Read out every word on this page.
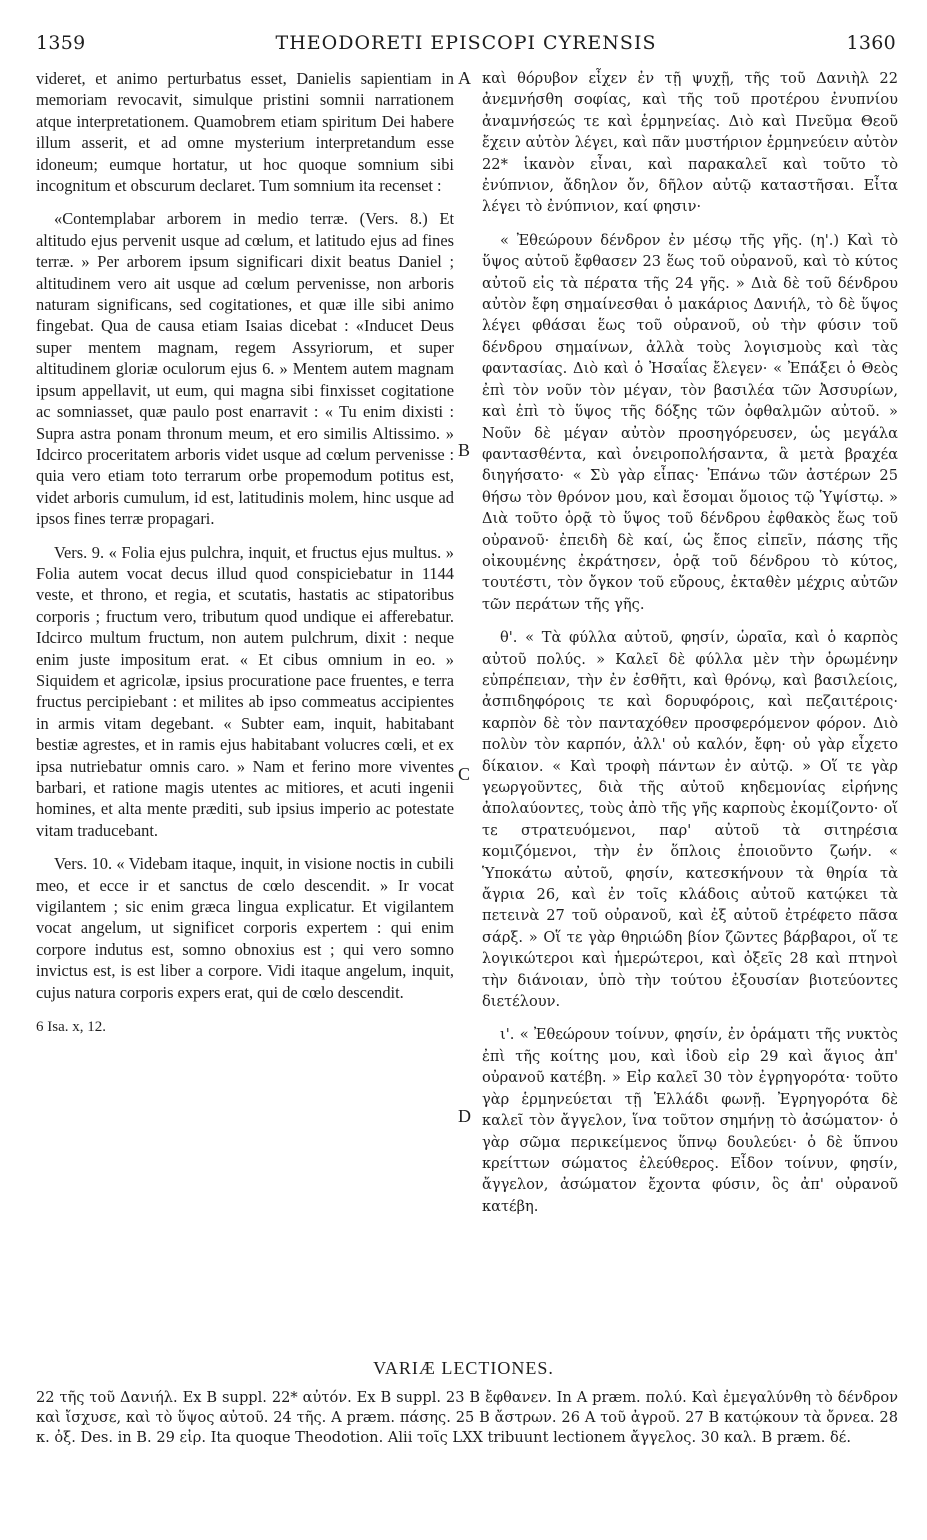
1359	THEODORETI EPISCOPI CYRENSIS	1360

videret, et animo perturbatus esset, Danielis sapientiam in memoriam revocavit, simulque pristini somnii narrationem atque interpretationem. Quamobrem etiam spiritum Dei habere illum asserit, et ad omne mysterium interpretandum esse idoneum; eumque hortatur, ut hoc quoque somnium sibi incognitum et obscurum declaret. Tum somnium ita recenset :

«Contemplabar arborem in medio terræ. (Vers. 8.) Et altitudo ejus pervenit usque ad cœlum, et latitudo ejus ad fines terræ. » Per arborem ipsum significari dixit beatus Daniel ; altitudinem vero ait usque ad cœlum pervenisse, non arboris naturam significans, sed cogitationes, et quæ ille sibi animo fingebat. Qua de causa etiam Isaias dicebat : «Inducet Deus super mentem magnam, regem Assyriorum, et super altitudinem gloriæ oculorum ejus 6. » Mentem autem magnam ipsum appellavit, ut eum, qui magna sibi finxisset cogitatione ac somniasset, quæ paulo post enarravit : « Tu enim dixisti : Supra astra ponam thronum meum, et ero similis Altissimo. » Idcirco proceritatem arboris videt usque ad cœlum pervenisse : quia vero etiam toto terrarum orbe propemodum potitus est, videt arboris cumulum, id est, latitudinis molem, hinc usque ad ipsos fines terræ propagari.

Vers. 9. « Folia ejus pulchra, inquit, et fructus ejus multus. » Folia autem vocat decus illud quod conspiciebatur in 1144 veste, et throno, et regia, et scutatis, hastatis ac stipatoribus corporis ; fructum vero, tributum quod undique ei afferebatur. Idcirco multum fructum, non autem pulchrum, dixit : neque enim juste impositum erat. « Et cibus omnium in eo. » Siquidem et agricolæ, ipsius procuratione pace fruentes, e terra fructus percipiebant : et milites ab ipso commeatus accipientes in armis vitam degebant. « Subter eam, inquit, habitabant bestiæ agrestes, et in ramis ejus habitabant volucres cœli, et ex ipsa nutriebatur omnis caro. » Nam et ferino more viventes barbari, et ratione magis utentes ac mitiores, et acuti ingenii homines, et alta mente præditi, sub ipsius imperio ac potestate vitam traducebant.

Vers. 10. « Videbam itaque, inquit, in visione noctis in cubili meo, et ecce ir et sanctus de cœlo descendit. » Ir vocat vigilantem ; sic enim græca lingua explicatur. Et vigilantem vocat angelum, ut significet corporis expertem : qui enim corpore indutus est, somno obnoxius est ; qui vero somno invictus est, is est liber a corpore. Vidi itaque angelum, inquit, cujus natura corporis expers erat, qui de cœlo descendit.

6 Isa. x, 12.

A
B
C
D

καὶ θόρυβον εἶχεν ἐν τῇ ψυχῇ, τῆς τοῦ Δανιὴλ 22 ἀνεμνήσθη σοφίας, καὶ τῆς τοῦ προτέρου ἐνυπνίου ἀναμνήσεώς τε καὶ ἑρμηνείας. Διὸ καὶ Πνεῦμα Θεοῦ ἔχειν αὐτὸν λέγει, καὶ πᾶν μυστήριον ἑρμηνεύειν αὐτὸν 22* ἱκανὸν εἶναι, καὶ παρακαλεῖ καὶ τοῦτο τὸ ἐνύπνιον, ἄδηλον ὄν, δῆλον αὐτῷ καταστῆσαι. Εἶτα λέγει τὸ ἐνύπνιον, καί φησιν·

« Ἐθεώρουν δένδρον ἐν μέσῳ τῆς γῆς. (η'.) Καὶ τὸ ὕψος αὐτοῦ ἔφθασεν 23 ἕως τοῦ οὐρανοῦ, καὶ τὸ κύτος αὐτοῦ εἰς τὰ πέρατα τῆς 24 γῆς. » Διὰ δὲ τοῦ δένδρου αὐτὸν ἔφη σημαίνεσθαι ὁ μακάριος Δανιήλ, τὸ δὲ ὕψος λέγει φθάσαι ἕως τοῦ οὐρανοῦ, οὐ τὴν φύσιν τοῦ δένδρου σημαίνων, ἀλλὰ τοὺς λογισμοὺς καὶ τὰς φαντασίας. Διὸ καὶ ὁ Ἠσαΐας ἔλεγεν· « Ἐπάξει ὁ Θεὸς ἐπὶ τὸν νοῦν τὸν μέγαν, τὸν βασιλέα τῶν Ἀσσυρίων, καὶ ἐπὶ τὸ ὕψος τῆς δόξης τῶν ὀφθαλμῶν αὐτοῦ. » Νοῦν δὲ μέγαν αὐτὸν προσηγόρευσεν, ὡς μεγάλα φαντασθέντα, καὶ ὀνειροπολήσαντα, ἃ μετὰ βραχέα διηγήσατο· « Σὺ γὰρ εἶπας· Ἐπάνω τῶν ἀστέρων 25 θήσω τὸν θρόνον μου, καὶ ἔσομαι ὅμοιος τῷ Ὑψίστῳ. » Διὰ τοῦτο ὁρᾷ τὸ ὕψος τοῦ δένδρου ἐφθακὸς ἕως τοῦ οὐρανοῦ· ἐπειδὴ δὲ καί, ὡς ἔπος εἰπεῖν, πάσης τῆς οἰκουμένης ἐκράτησεν, ὁρᾷ τοῦ δένδρου τὸ κύτος, τουτέστι, τὸν ὄγκον τοῦ εὔρους, ἐκταθὲν μέχρις αὐτῶν τῶν περάτων τῆς γῆς.

θ'. « Τὰ φύλλα αὐτοῦ, φησίν, ὡραῖα, καὶ ὁ καρπὸς αὐτοῦ πολύς. » Καλεῖ δὲ φύλλα μὲν τὴν ὁρωμένην εὐπρέπειαν, τὴν ἐν ἐσθῆτι, καὶ θρόνῳ, καὶ βασιλείοις, ἀσπιδηφόροις τε καὶ δορυφόροις, καὶ πεζαιτέροις· καρπὸν δὲ τὸν πανταχόθεν προσφερόμενον φόρον. Διὸ πολὺν τὸν καρπόν, ἀλλ' οὐ καλόν, ἔφη· οὐ γὰρ εἶχετο δίκαιον. « Καὶ τροφὴ πάντων ἐν αὐτῷ. » Οἵ τε γὰρ γεωργοῦντες, διὰ τῆς αὐτοῦ κηδεμονίας εἰρήνης ἀπολαύοντες, τοὺς ἀπὸ τῆς γῆς καρποὺς ἐκομίζοντο· οἵ τε στρατευόμενοι, παρ' αὐτοῦ τὰ σιτηρέσια κομιζόμενοι, τὴν ἐν ὅπλοις ἐποιοῦντο ζωήν. « Ὑποκάτω αὐτοῦ, φησίν, κατεσκήνουν τὰ θηρία τὰ ἄγρια 26, καὶ ἐν τοῖς κλάδοις αὐτοῦ κατῴκει τὰ πετεινὰ 27 τοῦ οὐρανοῦ, καὶ ἐξ αὐτοῦ ἐτρέφετο πᾶσα σάρξ. » Οἵ τε γὰρ θηριώδη βίον ζῶντες βάρβαροι, οἵ τε λογικώτεροι καὶ ἡμερώτεροι, καὶ ὀξεῖς 28 καὶ πτηνοὶ τὴν διάνοιαν, ὑπὸ τὴν τούτου ἐξουσίαν βιοτεύοντες διετέλουν.

ι'. « Ἐθεώρουν τοίνυν, φησίν, ἐν ὁράματι τῆς νυκτὸς ἐπὶ τῆς κοίτης μου, καὶ ἰδοὺ εἰρ 29 καὶ ἅγιος ἀπ' οὐρανοῦ κατέβη. » Εἰρ καλεῖ 30 τὸν ἐγρηγορότα· τοῦτο γὰρ ἑρμηνεύεται τῇ Ἑλλάδι φωνῇ. Ἐγρηγορότα δὲ καλεῖ τὸν ἄγγελον, ἵνα τοῦτον σημήνῃ τὸ ἀσώματον· ὁ γὰρ σῶμα περικείμενος ὕπνῳ δουλεύει· ὁ δὲ ὕπνου κρείττων σώματος ἐλεύθερος. Εἶδον τοίνυν, φησίν, ἄγγελον, ἀσώματον ἔχοντα φύσιν, ὃς ἀπ' οὐρανοῦ κατέβη.

VARIÆ LECTIONES.
22 τῆς τοῦ Δανιήλ. Ex B suppl. 22* αὐτόν. Ex B suppl. 23 B ἔφθανεν. In A præm. πολύ. Καὶ ἐμεγαλύνθη τὸ δένδρον καὶ ἴσχυσε, καὶ τὸ ὕψος αὐτοῦ. 24 τῆς. A præm. πάσης. 25 B ἄστρων. 26 A τοῦ ἀγροῦ. 27 B κατῴκουν τὰ ὄρνεα. 28 κ. ὀξ. Des. in B. 29 εἰρ. Ita quoque Theodotion. Alii τοῖς LXX tribuunt lectionem ἄγγελος. 30 καλ. B præm. δέ.
